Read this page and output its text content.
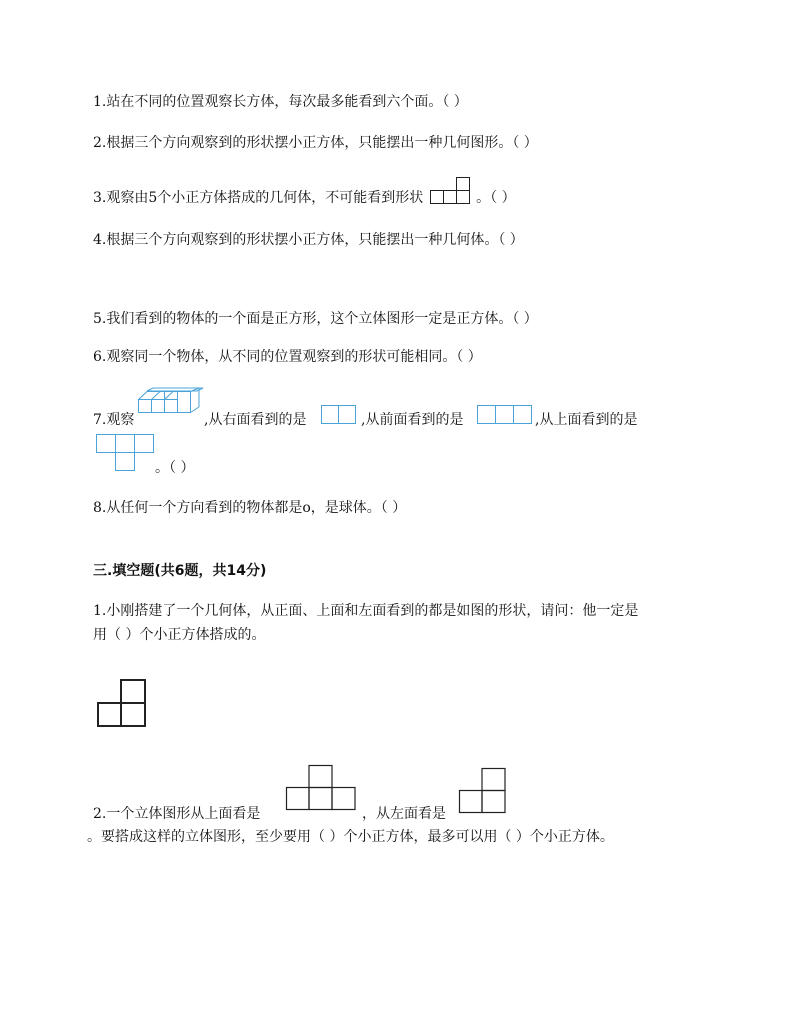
1.站在不同的位置观察长方体，每次最多能看到六个面。（ ）
2.根据三个方向观察到的形状摆小正方体，只能摆出一种几何图形。（ ）
3.观察由5个小正方体搭成的几何体，不可能看到形状	。（ ）
4.根据三个方向观察到的形状摆小正方体，只能摆出一种几何体。（ ）
5.我们看到的物体的一个面是正方形，这个立体图形一定是正方体。（ ）
6.观察同一个物体，从不同的位置观察到的形状可能相同。（ ）
7.观察	,从右面看到的是	,从前面看到的是	,从上面看到的是
。（ ）
8.从任何一个方向看到的物体都是o，是球体。（ ）
三.填空题(共6题，共14分)
1.小刚搭建了一个几何体，从正面、上面和左面看到的都是如图的形状，请问：他一定是
用（ ）个小正方体搭成的。
2.一个立体图形从上面看是	，从左面看是
。要搭成这样的立体图形，至少要用（ ）个小正方体，最多可以用（ ）个小正方体。
